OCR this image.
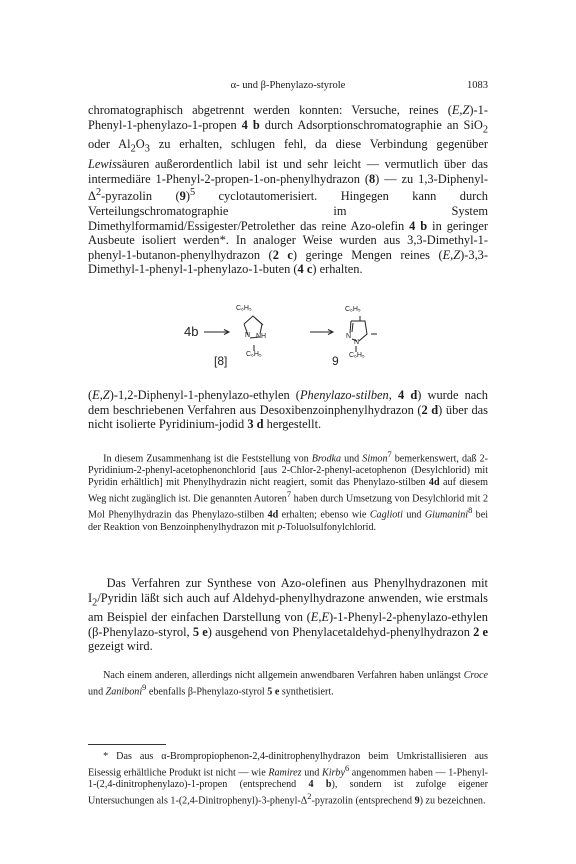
α- und β-Phenylazo-styrole	1083

chromatographisch abgetrennt werden konnten: Versuche, reines (E,Z)-1-Phenyl-1-phenylazo-1-propen 4 b durch Adsorptionschromatographie an SiO$_2$ oder $Al_2O_3$ zu erhalten, schlugen fehl, da diese Verbindung gegenüber Lewissäuren außerordentlich labil ist und sehr leicht — vermutlich über das intermediäre 1-Phenyl-2-propen-1-on-phenylhydrazon (8) — zu $1,3-Diphenyl-\Delta^2$-pyrazolin $(9)^5$ cyclotautomerisiert. Hingegen kann durch Verteilungschromatographie im System Dimethylformamid/Essigester/Petrolether das reine Azo-olefin 4 b in geringer Ausbeute isoliert werden*. In analoger Weise wurden aus 3,3-Dimethyl-1-phenyl-1-butanon-phenylhydrazon (2 c) geringe Mengen reines (E,Z)-3,3-Dimethyl-1-phenyl-1-phenylazo-1-buten (4 c) erhalten.

4b
C₆H₅
N NH
C₆H₅
[8]
C₆H₅
N
N
C₆H₅
9

(E,Z)-1,2-Diphenyl-1-phenylazo-ethylen (Phenylazo-stilben, 4 d) wurde nach dem beschriebenen Verfahren aus Desoxibenzoinphenylhydrazon (2 d) über das nicht isolierte Pyridinium-jodid 3 d hergestellt.

In diesem Zusammenhang ist die Feststellung von Brodka und Simon$^7$ bemerkenswert, daß 2-Pyridinium-2-phenyl-acetophenonchlorid [aus 2-Chlor-2-phenyl-acetophenon (Desylchlorid) mit Pyridin erhältlich] mit Phenylhydrazin nicht reagiert, somit das Phenylazo-stilben 4d auf diesem Weg nicht zugänglich ist. Die genannten Autoren$^7$ haben durch Umsetzung von Desylchlorid mit 2 Mol Phenylhydrazin das Phenylazo-stilben 4d erhalten; ebenso wie Caglioti und Giumanini$^8$ bei der Reaktion von Benzoinphenylhydrazon mit p-Toluolsulfonylchlorid.

Das Verfahren zur Synthese von Azo-olefinen aus Phenylhydrazonen mit $I_2$/Pyridin läßt sich auch auf Aldehyd-phenylhydrazone anwenden, wie erstmals am Beispiel der einfachen Darstellung von (E,E)-1-Phenyl-2-phenylazo-ethylen (β-Phenylazo-styrol, 5 e) ausgehend von Phenylacetaldehyd-phenylhydrazon 2 e gezeigt wird.

Nach einem anderen, allerdings nicht allgemein anwendbaren Verfahren haben unlängst Croce und Zaniboni$^9$ ebenfalls β-Phenylazo-styrol 5 e synthetisiert.

* Das aus α-Brompropiophenon-2,4-dinitrophenylhydrazon beim Umkristallisieren aus Eisessig erhältliche Produkt ist nicht — wie Ramirez und Kirby$^6$ angenommen haben — 1-Phenyl-1-(2,4-dinitrophenylazo)-1-propen (entsprechend 4 b), sondern ist zufolge eigener Untersuchungen als $1-(2,4-Dinitrophenyl)-3-phenyl-\Delta^2$-pyrazolin (entsprechend 9) zu bezeichnen.
